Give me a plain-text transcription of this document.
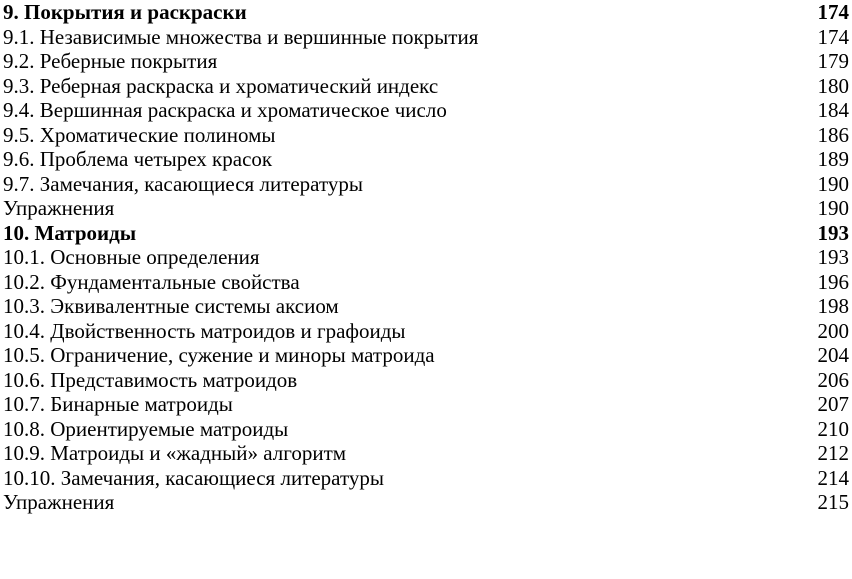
9. Покрытия и раскраски	174
9.1. Независимые множества и вершинные покрытия	174
9.2. Реберные покрытия	179
9.3. Реберная раскраска и хроматический индекс	180
9.4. Вершинная раскраска и хроматическое число	184
9.5. Хроматические полиномы	186
9.6. Проблема четырех красок	189
9.7. Замечания, касающиеся литературы	190
Упражнения	190
10. Матроиды	193
10.1. Основные определения	193
10.2. Фундаментальные свойства	196
10.3. Эквивалентные системы аксиом	198
10.4. Двойственность матроидов и графоиды	200
10.5. Ограничение, сужение и миноры матроида	204
10.6. Представимость матроидов	206
10.7. Бинарные матроиды	207
10.8. Ориентируемые матроиды	210
10.9. Матроиды и «жадный» алгоритм	212
10.10. Замечания, касающиеся литературы	214
Упражнения	215
